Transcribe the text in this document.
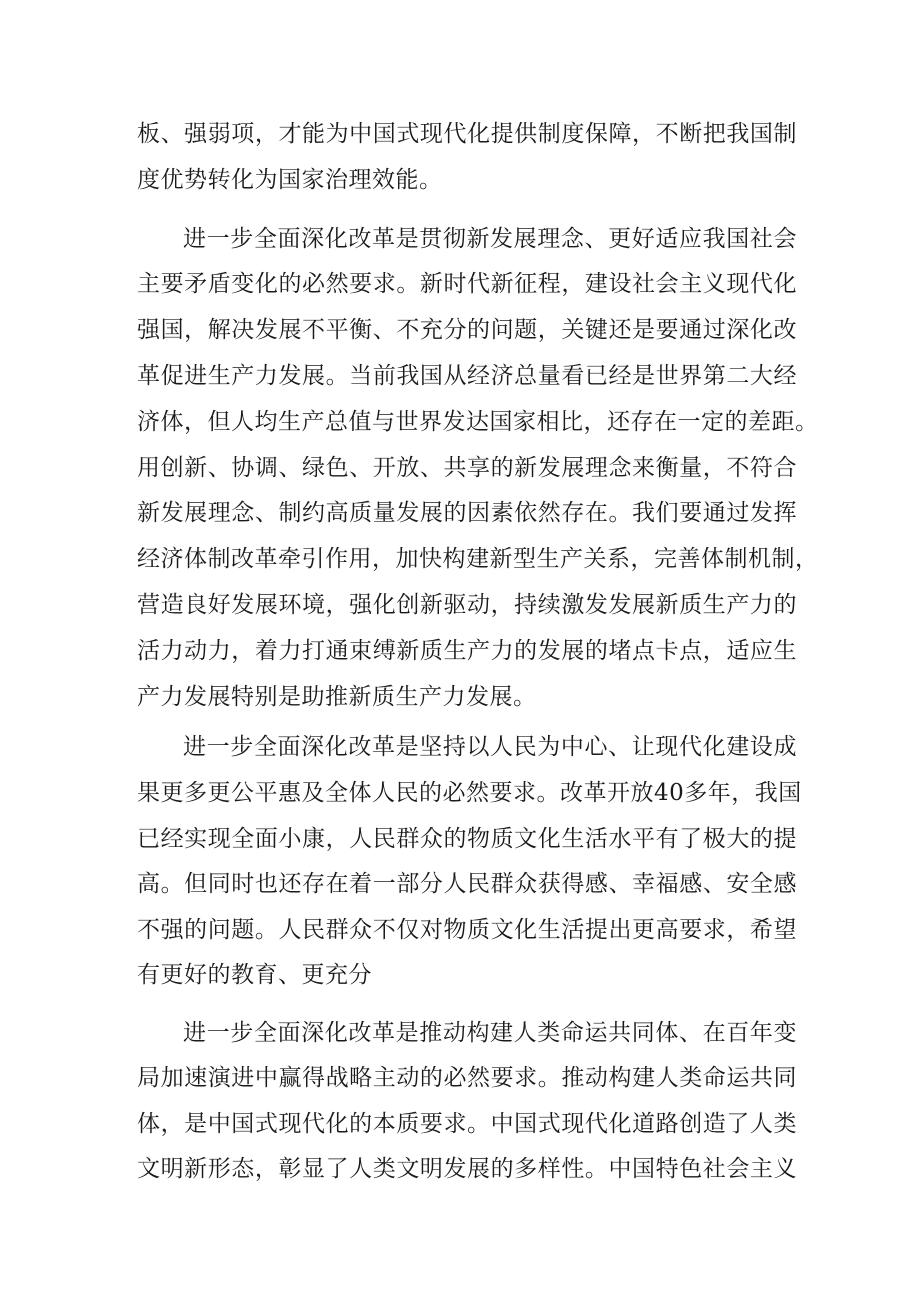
板、强弱项，才能为中国式现代化提供制度保障，不断把我国制
度优势转化为国家治理效能。
进一步全面深化改革是贯彻新发展理念、更好适应我国社会
主要矛盾变化的必然要求。新时代新征程，建设社会主义现代化
强国，解决发展不平衡、不充分的问题，关键还是要通过深化改
革促进生产力发展。当前我国从经济总量看已经是世界第二大经
济体，但人均生产总值与世界发达国家相比，还存在一定的差距。
用创新、协调、绿色、开放、共享的新发展理念来衡量，不符合
新发展理念、制约高质量发展的因素依然存在。我们要通过发挥
经济体制改革牵引作用，加快构建新型生产关系，完善体制机制，
营造良好发展环境，强化创新驱动，持续激发发展新质生产力的
活力动力，着力打通束缚新质生产力的发展的堵点卡点，适应生
产力发展特别是助推新质生产力发展。
进一步全面深化改革是坚持以人民为中心、让现代化建设成
果更多更公平惠及全体人民的必然要求。改革开放40多年，我国
已经实现全面小康，人民群众的物质文化生活水平有了极大的提
高。但同时也还存在着一部分人民群众获得感、幸福感、安全感
不强的问题。人民群众不仅对物质文化生活提出更高要求，希望
有更好的教育、更充分
进一步全面深化改革是推动构建人类命运共同体、在百年变
局加速演进中赢得战略主动的必然要求。推动构建人类命运共同
体，是中国式现代化的本质要求。中国式现代化道路创造了人类
文明新形态，彰显了人类文明发展的多样性。中国特色社会主义
